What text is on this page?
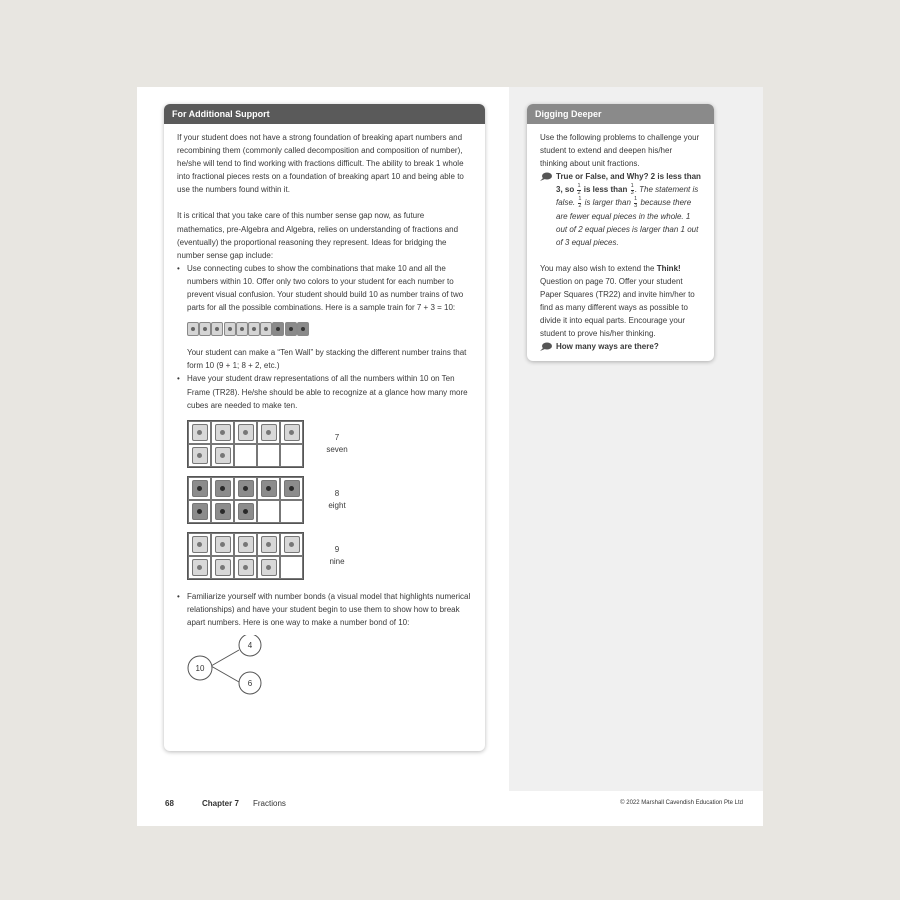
For Additional Support

If your student does not have a strong foundation of breaking apart numbers and recombining them (commonly called decomposition and composition of number), he/she will tend to find working with fractions difficult. The ability to break 1 whole into fractional pieces rests on a foundation of breaking apart 10 and being able to use the numbers found within it.

It is critical that you take care of this number sense gap now, as future mathematics, pre-Algebra and Algebra, relies on understanding of fractions and (eventually) the proportional reasoning they represent. Ideas for bridging the number sense gap include:

• Use connecting cubes to show the combinations that make 10 and all the numbers within 10. Offer only two colors to your student for each number to prevent visual confusion. Your student should build 10 as number trains of two parts for all the possible combinations. Here is a sample train for 7 + 3 = 10:

Your student can make a “Ten Wall” by stacking the different number trains that form 10 (9 + 1; 8 + 2, etc.)

• Have your student draw representations of all the numbers within 10 on Ten Frame (TR28). He/she should be able to recognize at a glance how many more cubes are needed to make ten.
7
seven
8
eight
9
nine
• Familiarize yourself with number bonds (a visual model that highlights numerical relationships) and have your student begin to use them to show how to break apart numbers. Here is one way to make a number bond of 10:
10
4
6
Digging Deeper

Use the following problems to challenge your student to extend and deepen his/her thinking about unit fractions.

True or False, and Why? 2 is less than 3, so $\frac{1}{2}$ is less than $\frac{1}{3}$ . The statement is false. $\frac{1}{2}$ is larger than $\frac{1}{3}$ because there are fewer equal pieces in the whole. 1 out of 2 equal pieces is larger than 1 out of 3 equal pieces.

You may also wish to extend the Think! Question on page 70. Offer your student Paper Squares (TR22) and invite him/her to find as many different ways as possible to divide it into equal parts. Encourage your student to prove his/her thinking.

How many ways are there?
68	Chapter 7 Fractions	© 2022 Marshall Cavendish Education Pte Ltd
